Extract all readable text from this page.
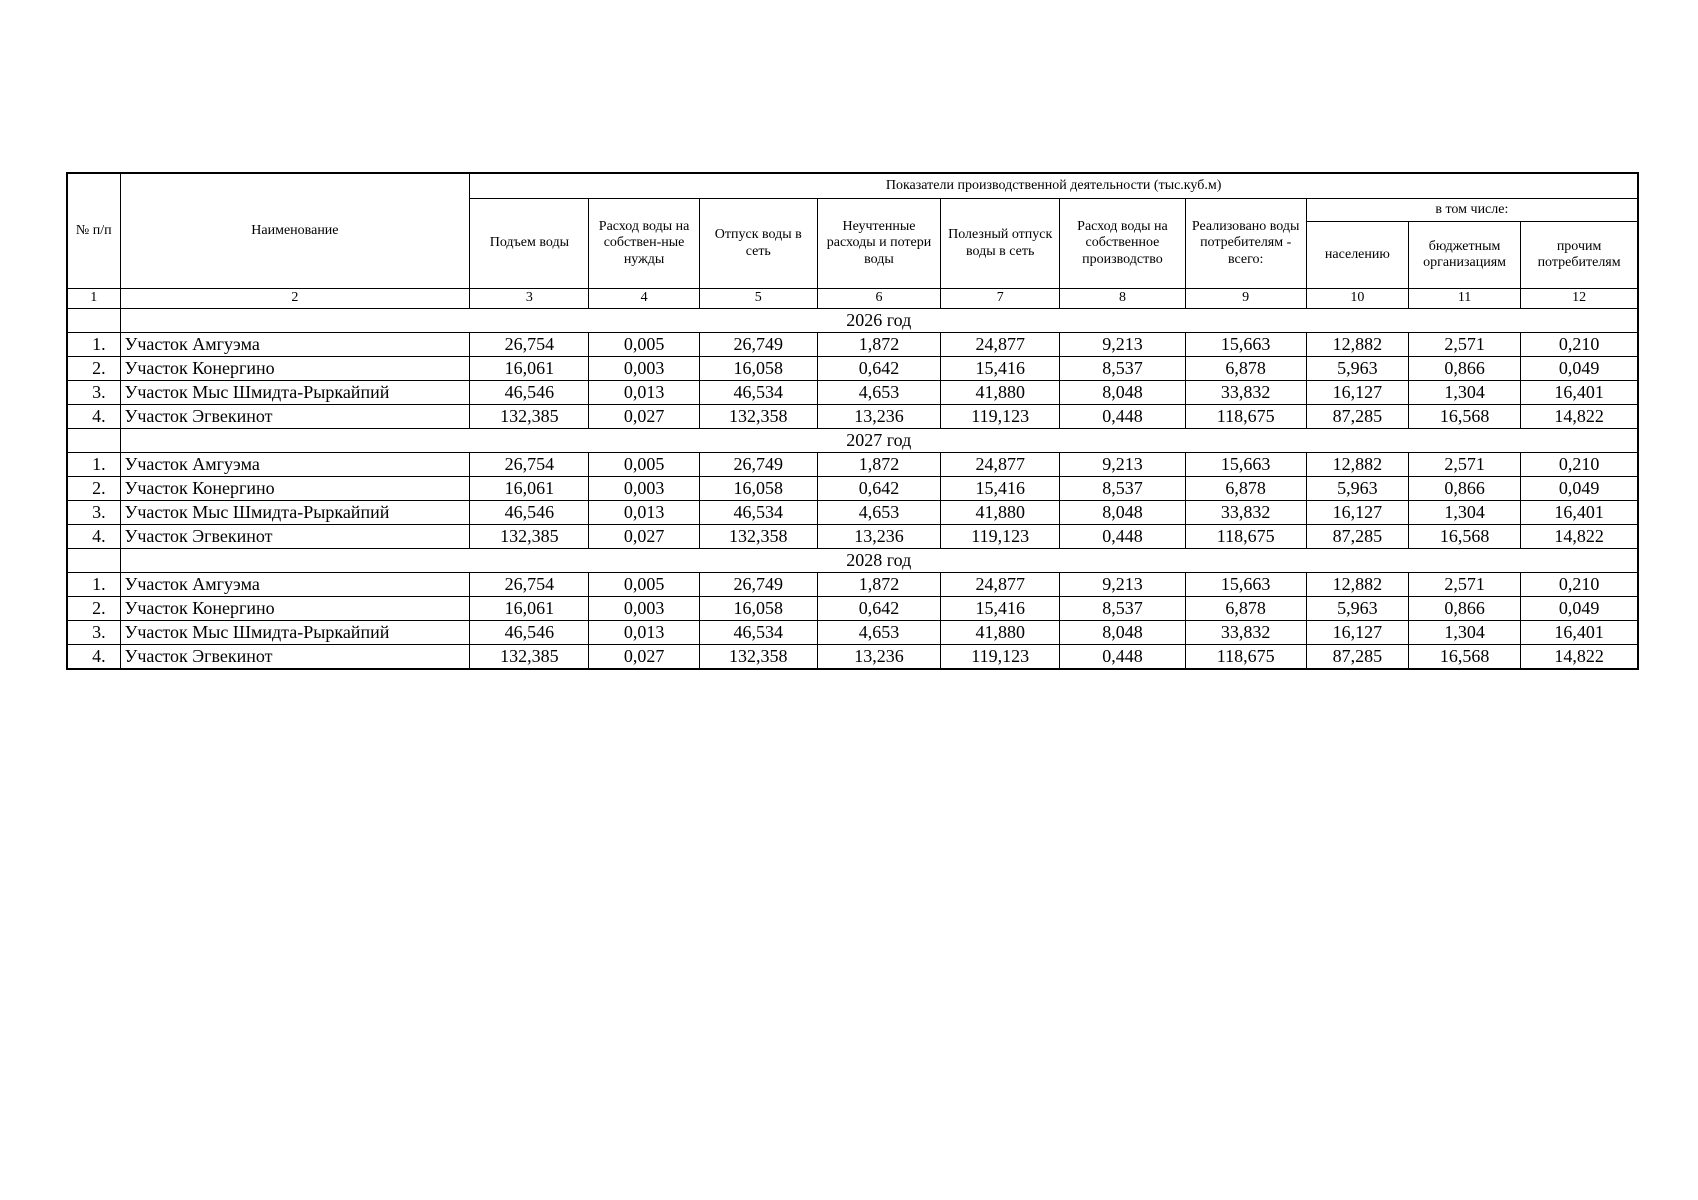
№ п/п	Наименование	Показатели производственной деятельности (тыс.куб.м)									
		Подъем воды	Расход воды на собствен-ные нужды	Отпуск воды в сеть	Неучтенные расходы и потери воды	Полезный отпуск воды в сеть	Расход воды на собственное производство	Реализовано воды потребителям - всего:	в том числе:		
									населению	бюджетным организациям	прочим потребителям
1	2	3	4	5	6	7	8	9	10	11	12
	2026 год										
1.	Участок Амгуэма	26,754	0,005	26,749	1,872	24,877	9,213	15,663	12,882	2,571	0,210
2.	Участок Конергино	16,061	0,003	16,058	0,642	15,416	8,537	6,878	5,963	0,866	0,049
3.	Участок Мыс Шмидта-Рыркайпий	46,546	0,013	46,534	4,653	41,880	8,048	33,832	16,127	1,304	16,401
4.	Участок Эгвекинот	132,385	0,027	132,358	13,236	119,123	0,448	118,675	87,285	16,568	14,822
	2027 год										
1.	Участок Амгуэма	26,754	0,005	26,749	1,872	24,877	9,213	15,663	12,882	2,571	0,210
2.	Участок Конергино	16,061	0,003	16,058	0,642	15,416	8,537	6,878	5,963	0,866	0,049
3.	Участок Мыс Шмидта-Рыркайпий	46,546	0,013	46,534	4,653	41,880	8,048	33,832	16,127	1,304	16,401
4.	Участок Эгвекинот	132,385	0,027	132,358	13,236	119,123	0,448	118,675	87,285	16,568	14,822
	2028 год										
1.	Участок Амгуэма	26,754	0,005	26,749	1,872	24,877	9,213	15,663	12,882	2,571	0,210
2.	Участок Конергино	16,061	0,003	16,058	0,642	15,416	8,537	6,878	5,963	0,866	0,049
3.	Участок Мыс Шмидта-Рыркайпий	46,546	0,013	46,534	4,653	41,880	8,048	33,832	16,127	1,304	16,401
4.	Участок Эгвекинот	132,385	0,027	132,358	13,236	119,123	0,448	118,675	87,285	16,568	14,822
